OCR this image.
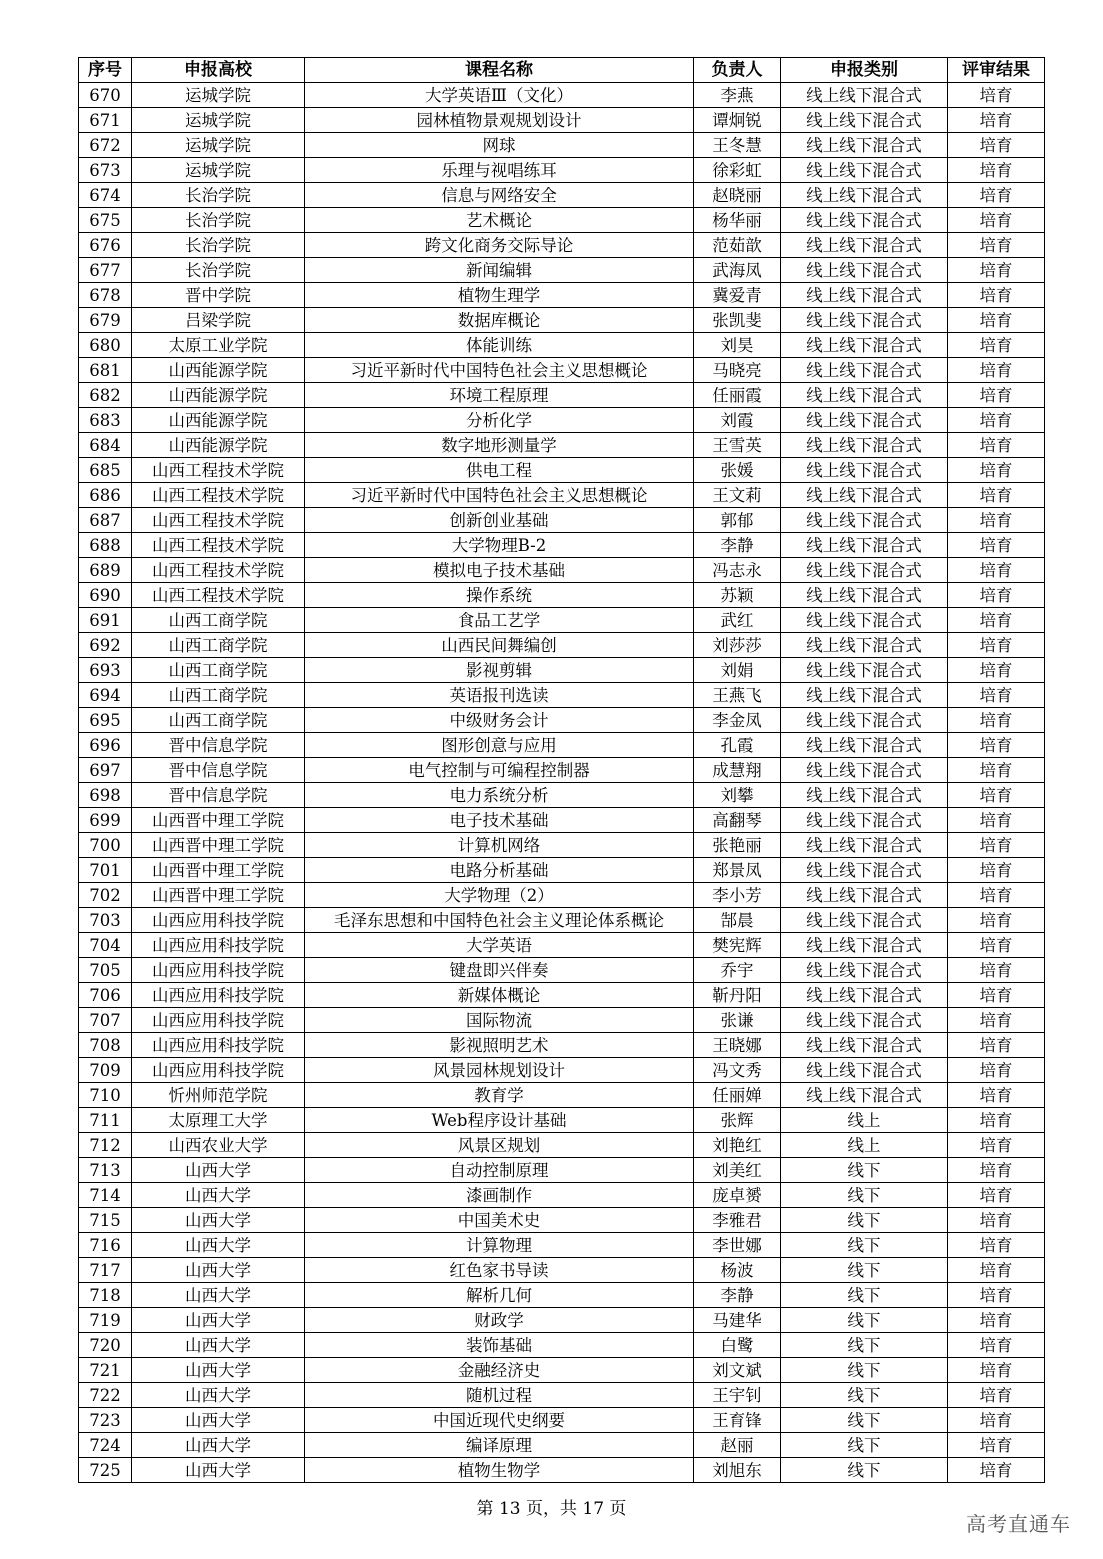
序号	申报高校	课程名称	负责人	申报类别	评审结果
670	运城学院	大学英语Ⅲ（文化）	李燕	线上线下混合式	培育
671	运城学院	园林植物景观规划设计	谭炯锐	线上线下混合式	培育
672	运城学院	网球	王冬慧	线上线下混合式	培育
673	运城学院	乐理与视唱练耳	徐彩虹	线上线下混合式	培育
674	长治学院	信息与网络安全	赵晓丽	线上线下混合式	培育
675	长治学院	艺术概论	杨华丽	线上线下混合式	培育
676	长治学院	跨文化商务交际导论	范茹歆	线上线下混合式	培育
677	长治学院	新闻编辑	武海凤	线上线下混合式	培育
678	晋中学院	植物生理学	冀爱青	线上线下混合式	培育
679	吕梁学院	数据库概论	张凯斐	线上线下混合式	培育
680	太原工业学院	体能训练	刘昊	线上线下混合式	培育
681	山西能源学院	习近平新时代中国特色社会主义思想概论	马晓亮	线上线下混合式	培育
682	山西能源学院	环境工程原理	任丽霞	线上线下混合式	培育
683	山西能源学院	分析化学	刘霞	线上线下混合式	培育
684	山西能源学院	数字地形测量学	王雪英	线上线下混合式	培育
685	山西工程技术学院	供电工程	张媛	线上线下混合式	培育
686	山西工程技术学院	习近平新时代中国特色社会主义思想概论	王文莉	线上线下混合式	培育
687	山西工程技术学院	创新创业基础	郭郁	线上线下混合式	培育
688	山西工程技术学院	大学物理B-2	李静	线上线下混合式	培育
689	山西工程技术学院	模拟电子技术基础	冯志永	线上线下混合式	培育
690	山西工程技术学院	操作系统	苏颖	线上线下混合式	培育
691	山西工商学院	食品工艺学	武红	线上线下混合式	培育
692	山西工商学院	山西民间舞编创	刘莎莎	线上线下混合式	培育
693	山西工商学院	影视剪辑	刘娟	线上线下混合式	培育
694	山西工商学院	英语报刊选读	王燕飞	线上线下混合式	培育
695	山西工商学院	中级财务会计	李金凤	线上线下混合式	培育
696	晋中信息学院	图形创意与应用	孔霞	线上线下混合式	培育
697	晋中信息学院	电气控制与可编程控制器	成慧翔	线上线下混合式	培育
698	晋中信息学院	电力系统分析	刘攀	线上线下混合式	培育
699	山西晋中理工学院	电子技术基础	高翻琴	线上线下混合式	培育
700	山西晋中理工学院	计算机网络	张艳丽	线上线下混合式	培育
701	山西晋中理工学院	电路分析基础	郑景凤	线上线下混合式	培育
702	山西晋中理工学院	大学物理（2）	李小芳	线上线下混合式	培育
703	山西应用科技学院	毛泽东思想和中国特色社会主义理论体系概论	郜晨	线上线下混合式	培育
704	山西应用科技学院	大学英语	樊宪辉	线上线下混合式	培育
705	山西应用科技学院	键盘即兴伴奏	乔宇	线上线下混合式	培育
706	山西应用科技学院	新媒体概论	靳丹阳	线上线下混合式	培育
707	山西应用科技学院	国际物流	张谦	线上线下混合式	培育
708	山西应用科技学院	影视照明艺术	王晓娜	线上线下混合式	培育
709	山西应用科技学院	风景园林规划设计	冯文秀	线上线下混合式	培育
710	忻州师范学院	教育学	任丽婵	线上线下混合式	培育
711	太原理工大学	Web程序设计基础	张辉	线上	培育
712	山西农业大学	风景区规划	刘艳红	线上	培育
713	山西大学	自动控制原理	刘美红	线下	培育
714	山西大学	漆画制作	庞卓赟	线下	培育
715	山西大学	中国美术史	李雅君	线下	培育
716	山西大学	计算物理	李世娜	线下	培育
717	山西大学	红色家书导读	杨波	线下	培育
718	山西大学	解析几何	李静	线下	培育
719	山西大学	财政学	马建华	线下	培育
720	山西大学	装饰基础	白鹭	线下	培育
721	山西大学	金融经济史	刘文斌	线下	培育
722	山西大学	随机过程	王宇钊	线下	培育
723	山西大学	中国近现代史纲要	王育锋	线下	培育
724	山西大学	编译原理	赵丽	线下	培育
725	山西大学	植物生物学	刘旭东	线下	培育
第 13 页，共 17 页
高考直通车
